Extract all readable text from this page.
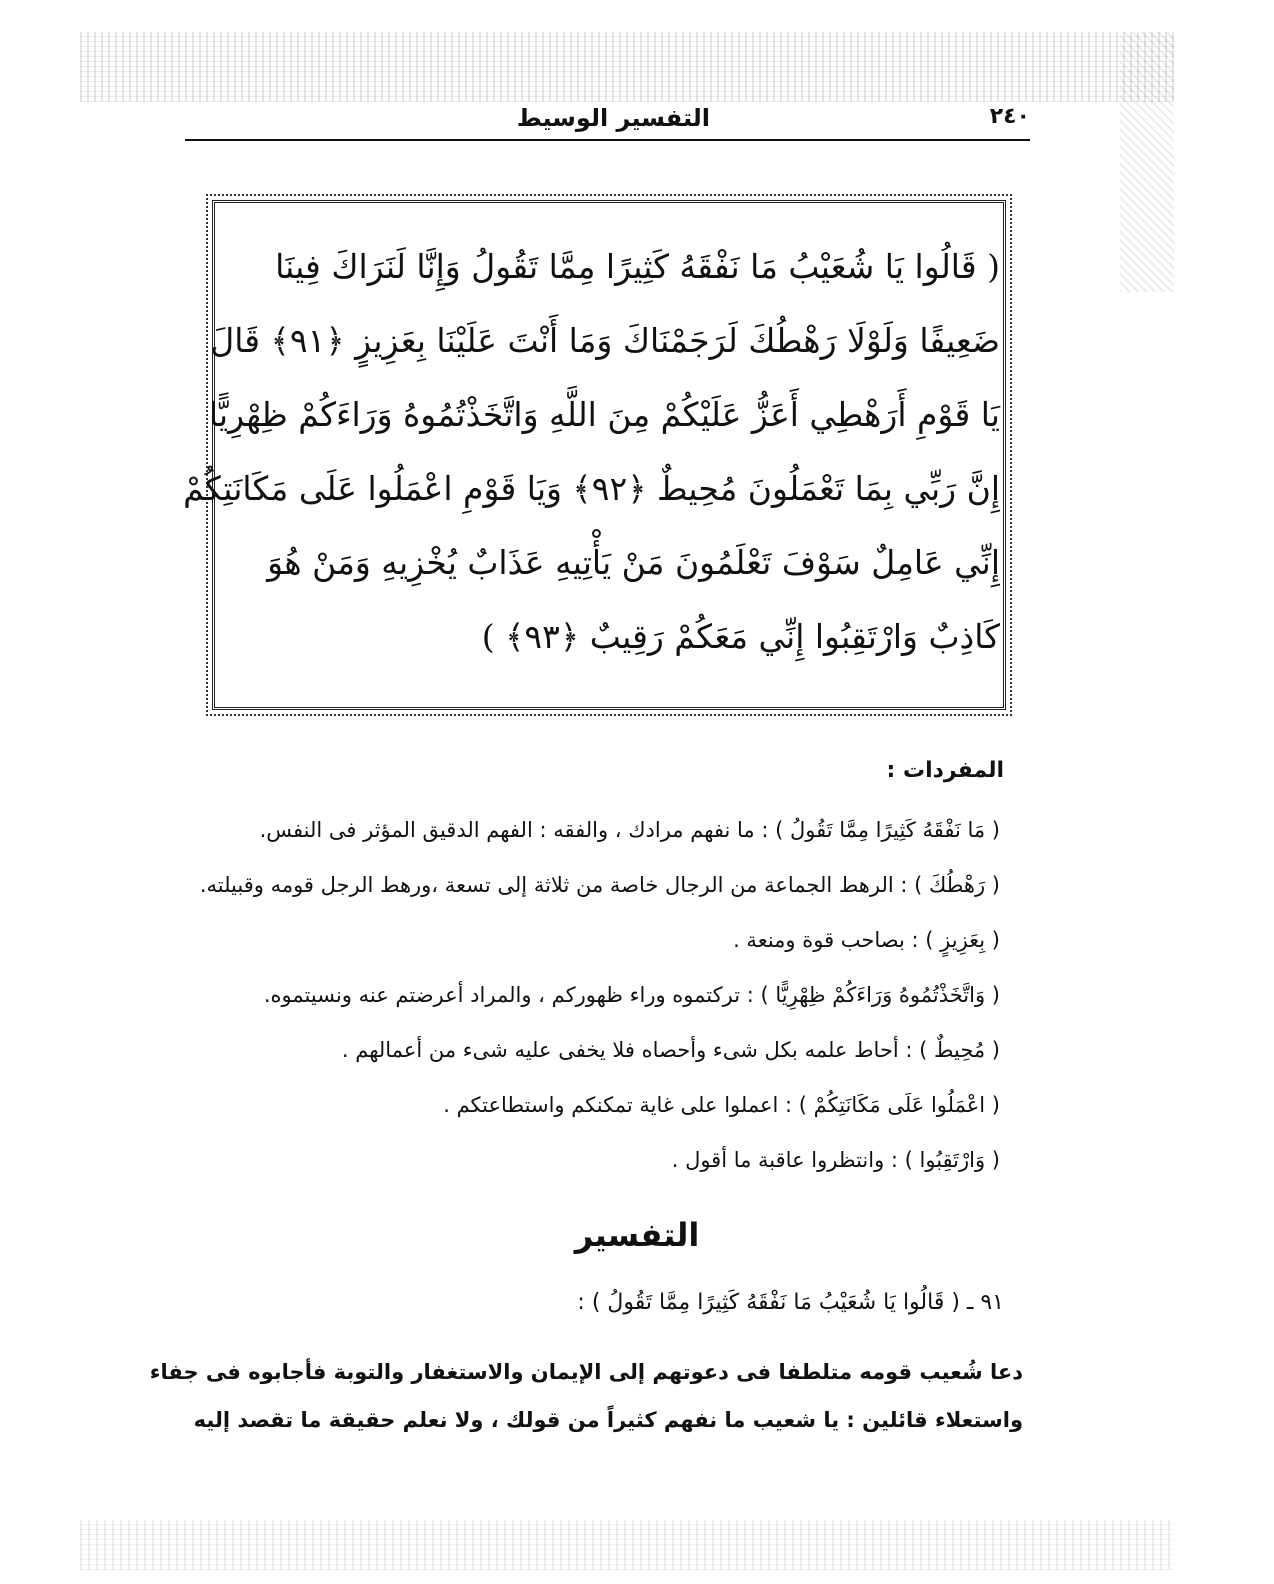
التفسير الوسيط	٢٤٠
( قَالُوا يَا شُعَيْبُ مَا نَفْقَهُ كَثِيرًا مِمَّا تَقُولُ وَإِنَّا لَنَرَاكَ فِينَا
ضَعِيفًا وَلَوْلَا رَهْطُكَ لَرَجَمْنَاكَ وَمَا أَنْتَ عَلَيْنَا بِعَزِيزٍ ﴿٩١﴾ قَالَ
يَا قَوْمِ أَرَهْطِي أَعَزُّ عَلَيْكُمْ مِنَ اللَّهِ وَاتَّخَذْتُمُوهُ وَرَاءَكُمْ ظِهْرِيًّا
إِنَّ رَبِّي بِمَا تَعْمَلُونَ مُحِيطٌ ﴿٩٢﴾ وَيَا قَوْمِ اعْمَلُوا عَلَى مَكَانَتِكُمْ
إِنِّي عَامِلٌ سَوْفَ تَعْلَمُونَ مَنْ يَأْتِيهِ عَذَابٌ يُخْزِيهِ وَمَنْ هُوَ
كَاذِبٌ وَارْتَقِبُوا إِنِّي مَعَكُمْ رَقِيبٌ ﴿٩٣﴾ )
المفردات :
( مَا نَفْقَهُ كَثِيرًا مِمَّا تَقُولُ ) : ما نفهم مرادك ، والفقه : الفهم الدقيق المؤثر فى النفس.
( رَهْطُكَ ) : الرهط الجماعة من الرجال خاصة من ثلاثة إلى تسعة ،ورهط الرجل قومه وقبيلته.
( بِعَزِيزٍ ) : بصاحب قوة ومنعة .
( وَاتَّخَذْتُمُوهُ وَرَاءَكُمْ ظِهْرِيًّا ) : تركتموه وراء ظهوركم ، والمراد أعرضتم عنه ونسيتموه.
( مُحِيطٌ ) : أحاط علمه بكل شىء وأحصاه فلا يخفى عليه شىء من أعمالهم .
( اعْمَلُوا عَلَى مَكَانَتِكُمْ ) : اعملوا على غاية تمكنكم واستطاعتكم .
( وَارْتَقِبُوا ) : وانتظروا عاقبة ما أقول .
التفسير
٩١ ـ ( قَالُوا يَا شُعَيْبُ مَا نَفْقَهُ كَثِيرًا مِمَّا تَقُولُ ) :
دعا شُعيب قومه متلطفا فى دعوتهم إلى الإيمان والاستغفار والتوبة فأجابوه فى جفاء
واستعلاء قائلين : يا شعيب ما نفهم كثيراً من قولك ، ولا نعلم حقيقة ما تقصد إليه
